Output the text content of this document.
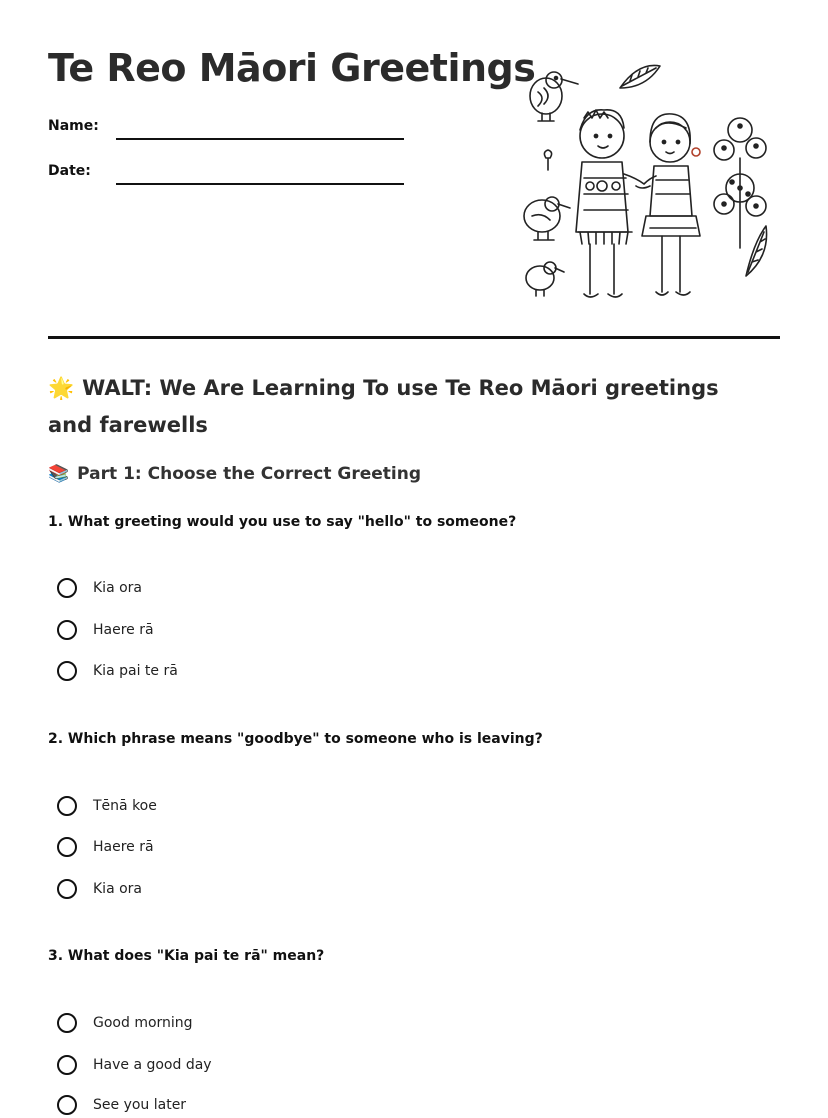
Te Reo Māori Greetings
Name:
Date:
🌟 WALT: We Are Learning To use Te Reo Māori greetings and farewells
📚 Part 1: Choose the Correct Greeting
1. What greeting would you use to say "hello" to someone?
Kia ora
Haere rā
Kia pai te rā
2. Which phrase means "goodbye" to someone who is leaving?
Tēnā koe
Haere rā
Kia ora
3. What does "Kia pai te rā" mean?
Good morning
Have a good day
See you later
